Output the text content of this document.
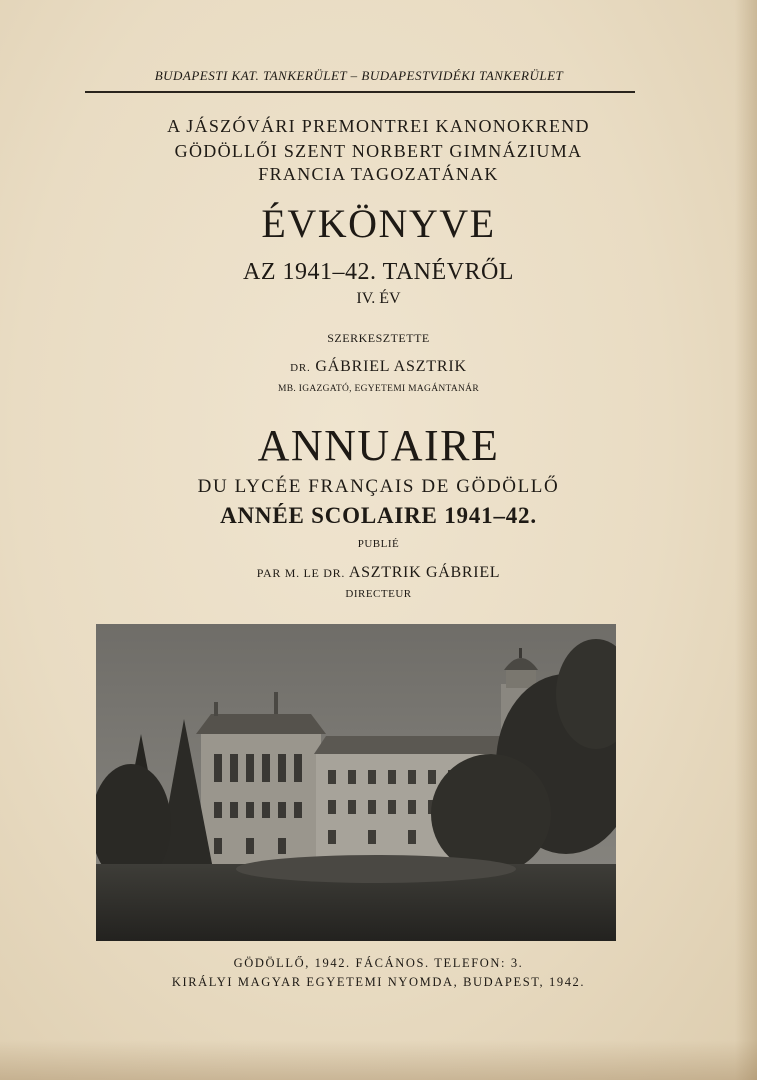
BUDAPESTI KAT. TANKERÜLET – BUDAPESTVIDÉKI TANKERÜLET
A JÁSZÓVÁRI PREMONTREI KANONOKREND
GÖDÖLLŐI SZENT NORBERT GIMNÁZIUMA
FRANCIA TAGOZATÁNAK
ÉVKÖNYVE
AZ 1941–42. TANÉVRŐL
IV. ÉV
SZERKESZTETTE
DR. GÁBRIEL ASZTRIK
MB. IGAZGATÓ, EGYETEMI MAGÁNTANÁR
ANNUAIRE
DU LYCÉE FRANÇAIS DE GÖDÖLLŐ
ANNÉE SCOLAIRE 1941–42.
PUBLIÉ
PAR M. LE DR. ASZTRIK GÁBRIEL
DIRECTEUR
GÖDÖLLŐ, 1942. FÁCÁNOS. TELEFON: 3.
KIRÁLYI MAGYAR EGYETEMI NYOMDA, BUDAPEST, 1942.
